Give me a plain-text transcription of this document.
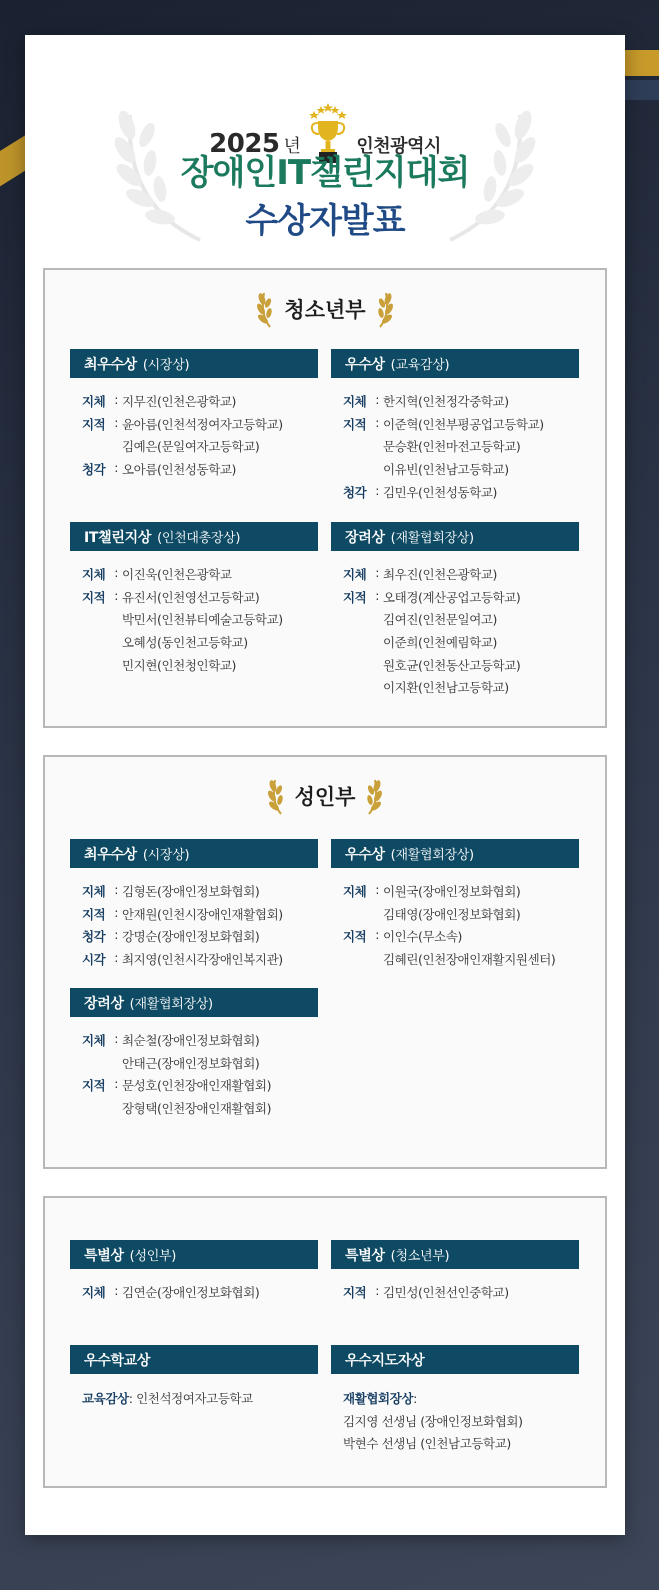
2025 년	인천광역시
장애인IT챌린지대회
수상자발표
청소년부
최우수상 (시장상)
지체 : 지무진(인천은광학교)
지적 : 윤아름(인천석정여자고등학교)
김예은(문일여자고등학교)
청각 : 오아름(인천성동학교)
우수상 (교육감상)
지체 : 한지혁(인천정각중학교)
지적 : 이준혁(인천부평공업고등학교)
문승환(인천마전고등학교)
이유빈(인천남고등학교)
청각 : 김민우(인천성동학교)
IT챌린지상 (인천대총장상)
지체 : 이진욱(인천은광학교
지적 : 유진서(인천영선고등학교)
박민서(인천뷰티예술고등학교)
오혜성(동인천고등학교)
민지현(인천청인학교)
장려상 (재활협회장상)
지체 : 최우진(인천은광학교)
지적 : 오태경(계산공업고등학교)
김여진(인천문일여고)
이준희(인천예림학교)
원호균(인천동산고등학교)
이지환(인천남고등학교)
성인부
최우수상 (시장상)
지체 : 김형돈(장애인정보화협회)
지적 : 안재원(인천시장애인재활협회)
청각 : 강명순(장애인정보화협회)
시각 : 최지영(인천시각장애인복지관)
우수상 (재활협회장상)
지체 : 이원국(장애인정보화협회)
김태영(장애인정보화협회)
지적 : 이인수(무소속)
김혜린(인천장애인재활지원센터)
장려상 (재활협회장상)
지체 : 최순철(장애인정보화협회)
안태근(장애인정보화협회)
지적 : 문성호(인천장애인재활협회)
장형택(인천장애인재활협회)
특별상 (성인부)
지체 : 김연순(장애인정보화협회)
특별상 (청소년부)
지적 : 김민성(인천선인중학교)
우수학교상
교육감상 : 인천석정여자고등학교
우수지도자상
재활협회장상 :
김지영 선생님 (장애인정보화협회)
박현수 선생님 (인천남고등학교)
